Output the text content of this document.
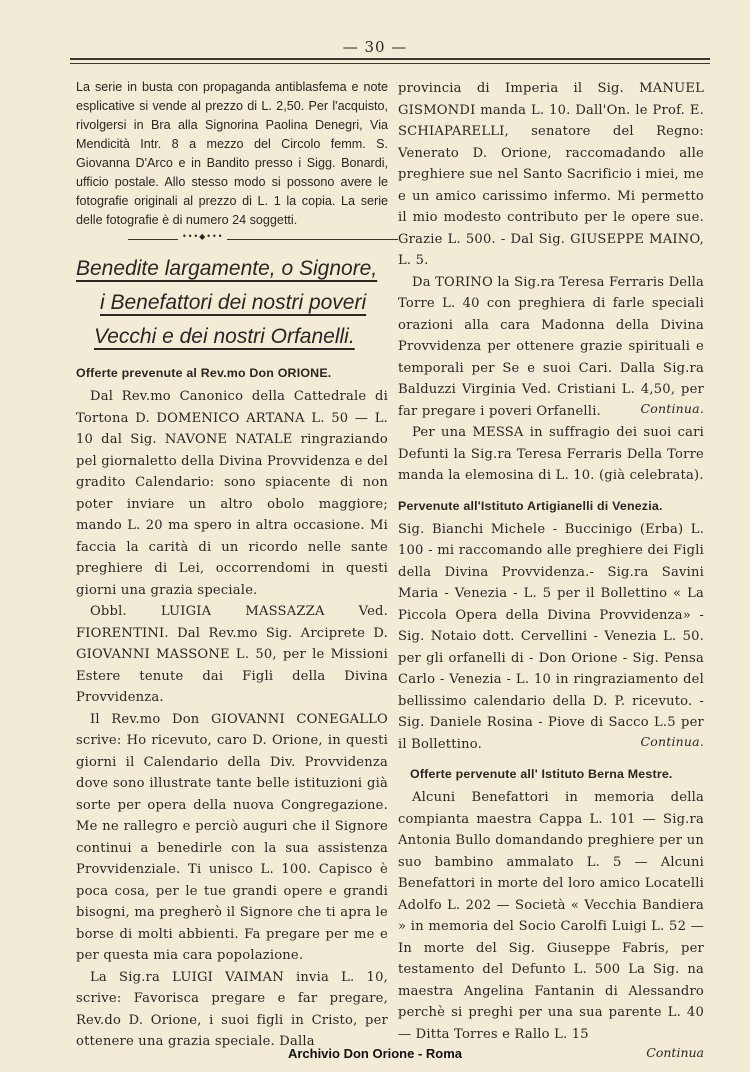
— 30 —

La serie in busta con propaganda antiblasfema e note esplicative si vende al prezzo di L. 2,50. Per l'acquisto, rivolgersi in Bra alla Signorina Paolina Denegri, Via Mendicità Intr. 8 a mezzo del Circolo femm. S. Giovanna D'Arco e in Bandito presso i Sigg. Bonardi, ufficio postale. Allo stesso modo si possono avere le fotografie originali al prezzo di L. 1 la copia. La serie delle fotografie è di numero 24 soggetti.

•••◆•••
Benedite largamente, o Signore,
i Benefattori dei nostri poveri
Vecchi e dei nostri Orfanelli.
Offerte prevenute al Rev.mo Don ORIONE.

Dal Rev.mo Canonico della Cattedrale di Tortona D. DOMENICO ARTANA L. 50 — L. 10 dal Sig. NAVONE NATALE ringraziando pel giornaletto della Divina Provvidenza e del gradito Calendario: sono spiacente di non poter inviare un altro obolo maggiore; mando L. 20 ma spero in altra occasione. Mi faccia la carità di un ricordo nelle sante preghiere di Lei, occorrendomi in questi giorni una grazia speciale.

Obbl. LUIGIA MASSAZZA Ved. FIORENTINI. Dal Rev.mo Sig. Arciprete D. GIOVANNI MASSONE L. 50, per le Missioni Estere tenute dai Figli della Divina Provvidenza.

Il Rev.mo Don GIOVANNI CONEGALLO scrive: Ho ricevuto, caro D. Orione, in questi giorni il Calendario della Div. Provvidenza dove sono illustrate tante belle istituzioni già sorte per opera della nuova Congregazione. Me ne rallegro e perciò auguri che il Signore continui a benedirle con la sua assistenza Provvidenziale. Ti unisco L. 100. Capisco è poca cosa, per le tue grandi opere e grandi bisogni, ma pregherò il Signore che ti apra le borse di molti abbienti. Fa pregare per me e per questa mia cara popolazione.

La Sig.ra LUIGI VAIMAN invia L. 10, scrive: Favorisca pregare e far pregare, Rev.do D. Orione, i suoi figli in Cristo, per ottenere una grazia speciale. Dalla

provincia di Imperia il Sig. MANUEL GISMONDI manda L. 10. Dall'On. le Prof. E. SCHIAPARELLI, senatore del Regno: Venerato D. Orione, raccomadando alle preghiere sue nel Santo Sacrificio i miei, me e un amico carissimo infermo. Mi permetto il mio modesto contributo per le opere sue. Grazie L. 500. - Dal Sig. GIUSEPPE MAINO, L. 5.

Da TORINO la Sig.ra Teresa Ferraris Della Torre L. 40 con preghiera di farle speciali orazioni alla cara Madonna della Divina Provvidenza per ottenere grazie spirituali e temporali per Se e suoi Cari. Dalla Sig.ra Balduzzi Virginia Ved. Cristiani L. 4,50, per far pregare i poveri Orfanelli.	Continua.

Per una MESSA in suffragio dei suoi cari Defunti la Sig.ra Teresa Ferraris Della Torre manda la elemosina di L. 10. (già celebrata).

Pervenute all'Istituto Artigianelli di Venezia.

Sig. Bianchi Michele - Buccinigo (Erba) L. 100 - mi raccomando alle preghiere dei Figli della Divina Provvidenza.- Sig.ra Savini Maria - Venezia - L. 5 per il Bollettino « La Piccola Opera della Divina Provvidenza» - Sig. Notaio dott. Cervellini - Venezia L. 50. per gli orfanelli di - Don Orione - Sig. Pensa Carlo - Venezia - L. 10 in ringraziamento del bellissimo calendario della D. P. ricevuto. - Sig. Daniele Rosina - Piove di Sacco L.5 per il Bollettino.	Continua.

Offerte pervenute all' Istituto Berna Mestre.

Alcuni Benefattori in memoria della compianta maestra Cappa L. 101 — Sig.ra Antonia Bullo domandando preghiere per un suo bambino ammalato L. 5 — Alcuni Benefattori in morte del loro amico Locatelli Adolfo L. 202 — Società « Vecchia Bandiera » in memoria del Socio Carolfi Luigi L. 52 — In morte del Sig. Giuseppe Fabris, per testamento del Defunto L. 500 La Sig. na maestra Angelina Fantanin di Alessandro perchè si preghi per una sua parente L. 40 — Ditta Torres e Rallo L. 15

Continua
Archivio Don Orione - Roma
